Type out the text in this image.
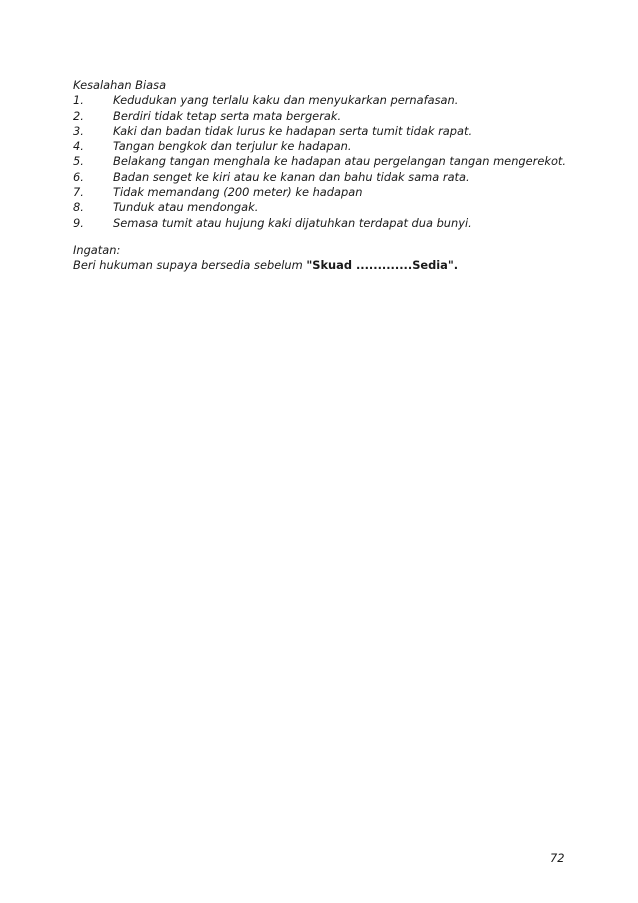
Kesalahan Biasa
1.	Kedudukan yang terlalu kaku dan menyukarkan pernafasan.
2.	Berdiri tidak tetap serta mata bergerak.
3.	Kaki dan badan tidak lurus ke hadapan serta tumit tidak rapat.
4.	Tangan bengkok dan terjulur ke hadapan.
5.	Belakang tangan menghala ke hadapan atau pergelangan tangan mengerekot.
6.	Badan senget ke kiri atau ke kanan dan bahu tidak sama rata.
7.	Tidak memandang (200 meter) ke hadapan
8.	Tunduk atau mendongak.
9.	Semasa tumit atau hujung kaki dijatuhkan terdapat dua bunyi.
Ingatan:
Beri hukuman supaya bersedia sebelum "Skuad .............Sedia".
72
